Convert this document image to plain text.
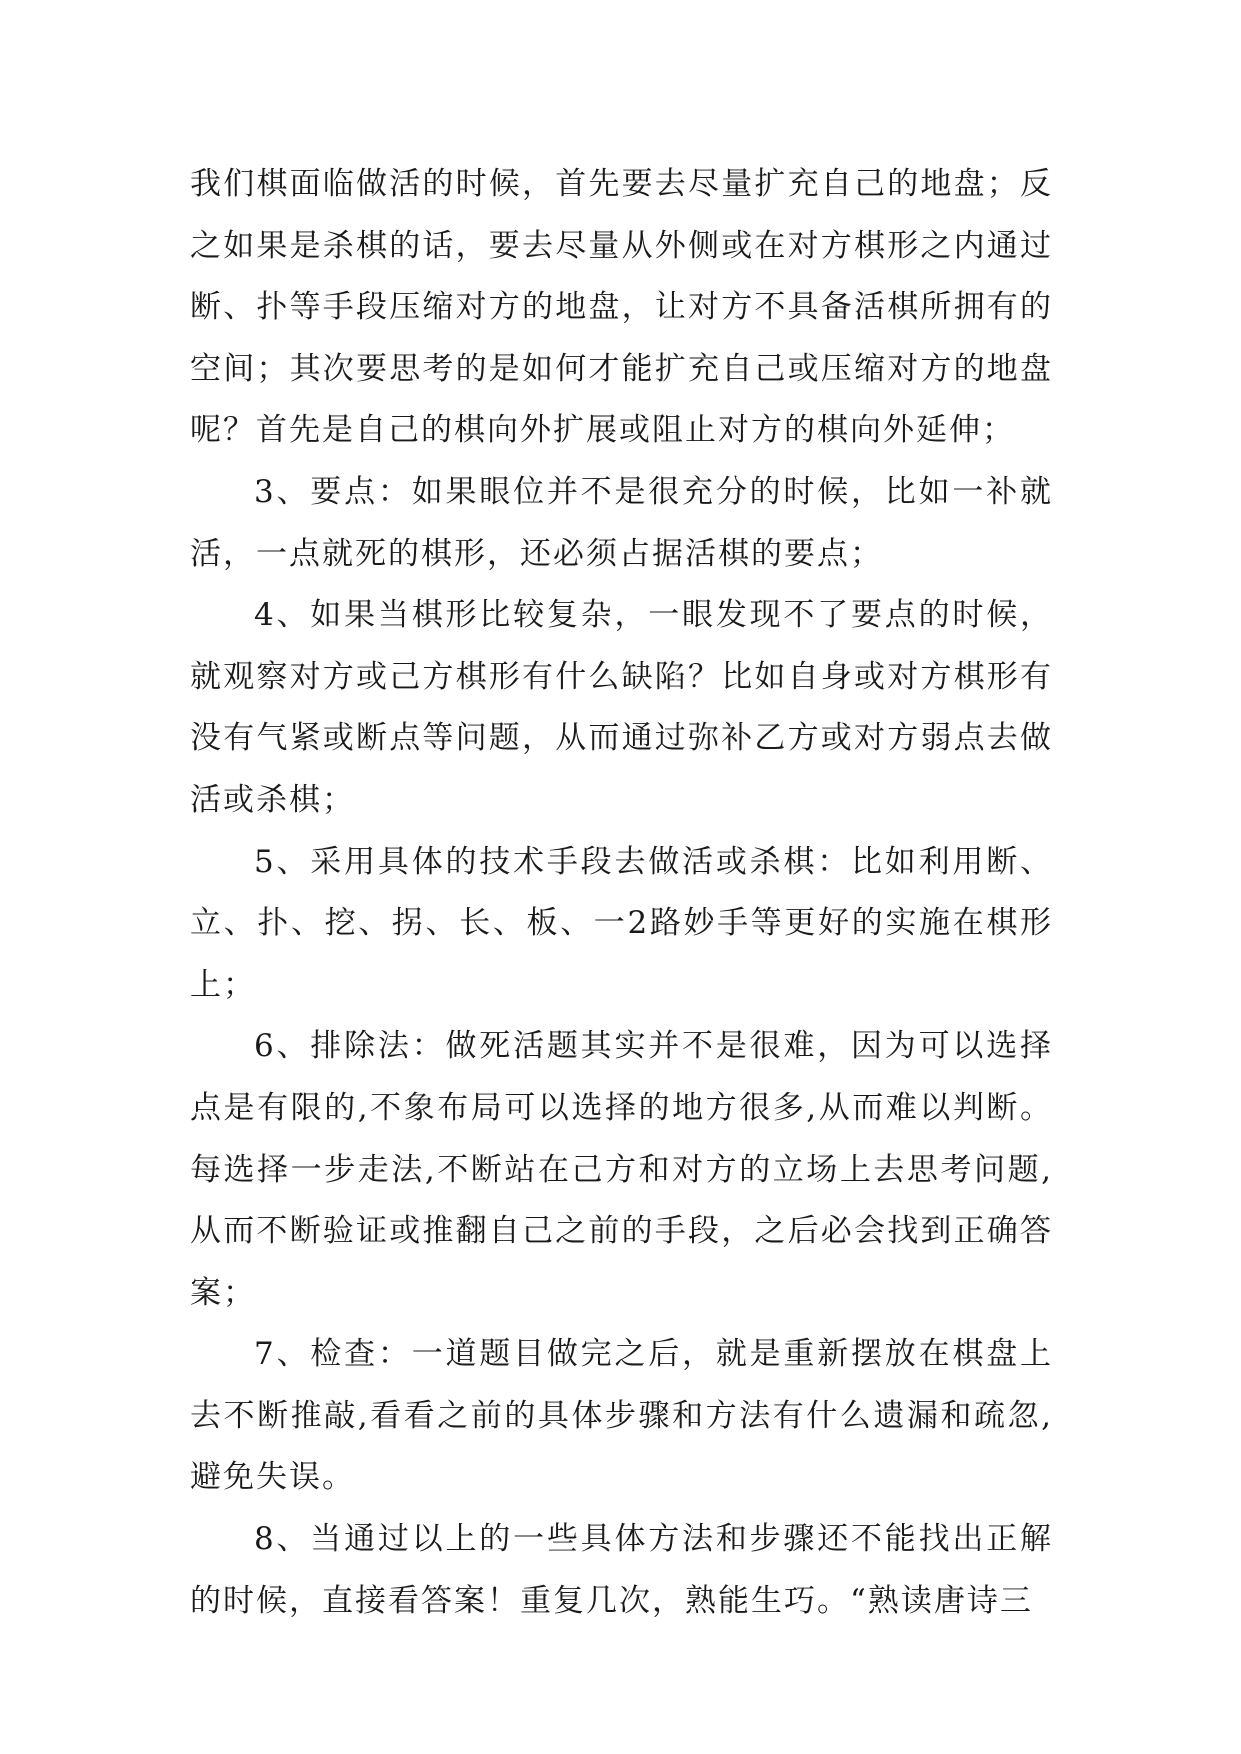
我们棋面临做活的时候，首先要去尽量扩充自己的地盘；反之如果是杀棋的话，要去尽量从外侧或在对方棋形之内通过断、扑等手段压缩对方的地盘，让对方不具备活棋所拥有的空间；其次要思考的是如何才能扩充自己或压缩对方的地盘呢？首先是自己的棋向外扩展或阻止对方的棋向外延伸；

3、要点：如果眼位并不是很充分的时候，比如一补就活，一点就死的棋形，还必须占据活棋的要点；

4、如果当棋形比较复杂，一眼发现不了要点的时候，就观察对方或己方棋形有什么缺陷？比如自身或对方棋形有没有气紧或断点等问题，从而通过弥补乙方或对方弱点去做活或杀棋；

5、采用具体的技术手段去做活或杀棋：比如利用断、立、扑、挖、拐、长、板、一2路妙手等更好的实施在棋形上；

6、排除法：做死活题其实并不是很难，因为可以选择点是有限的,不象布局可以选择的地方很多,从而难以判断。每选择一步走法,不断站在己方和对方的立场上去思考问题,从而不断验证或推翻自己之前的手段，之后必会找到正确答案；

7、检查：一道题目做完之后，就是重新摆放在棋盘上去不断推敲,看看之前的具体步骤和方法有什么遗漏和疏忽,避免失误。

8、当通过以上的一些具体方法和步骤还不能找出正解的时候，直接看答案！重复几次，熟能生巧。“熟读唐诗三
